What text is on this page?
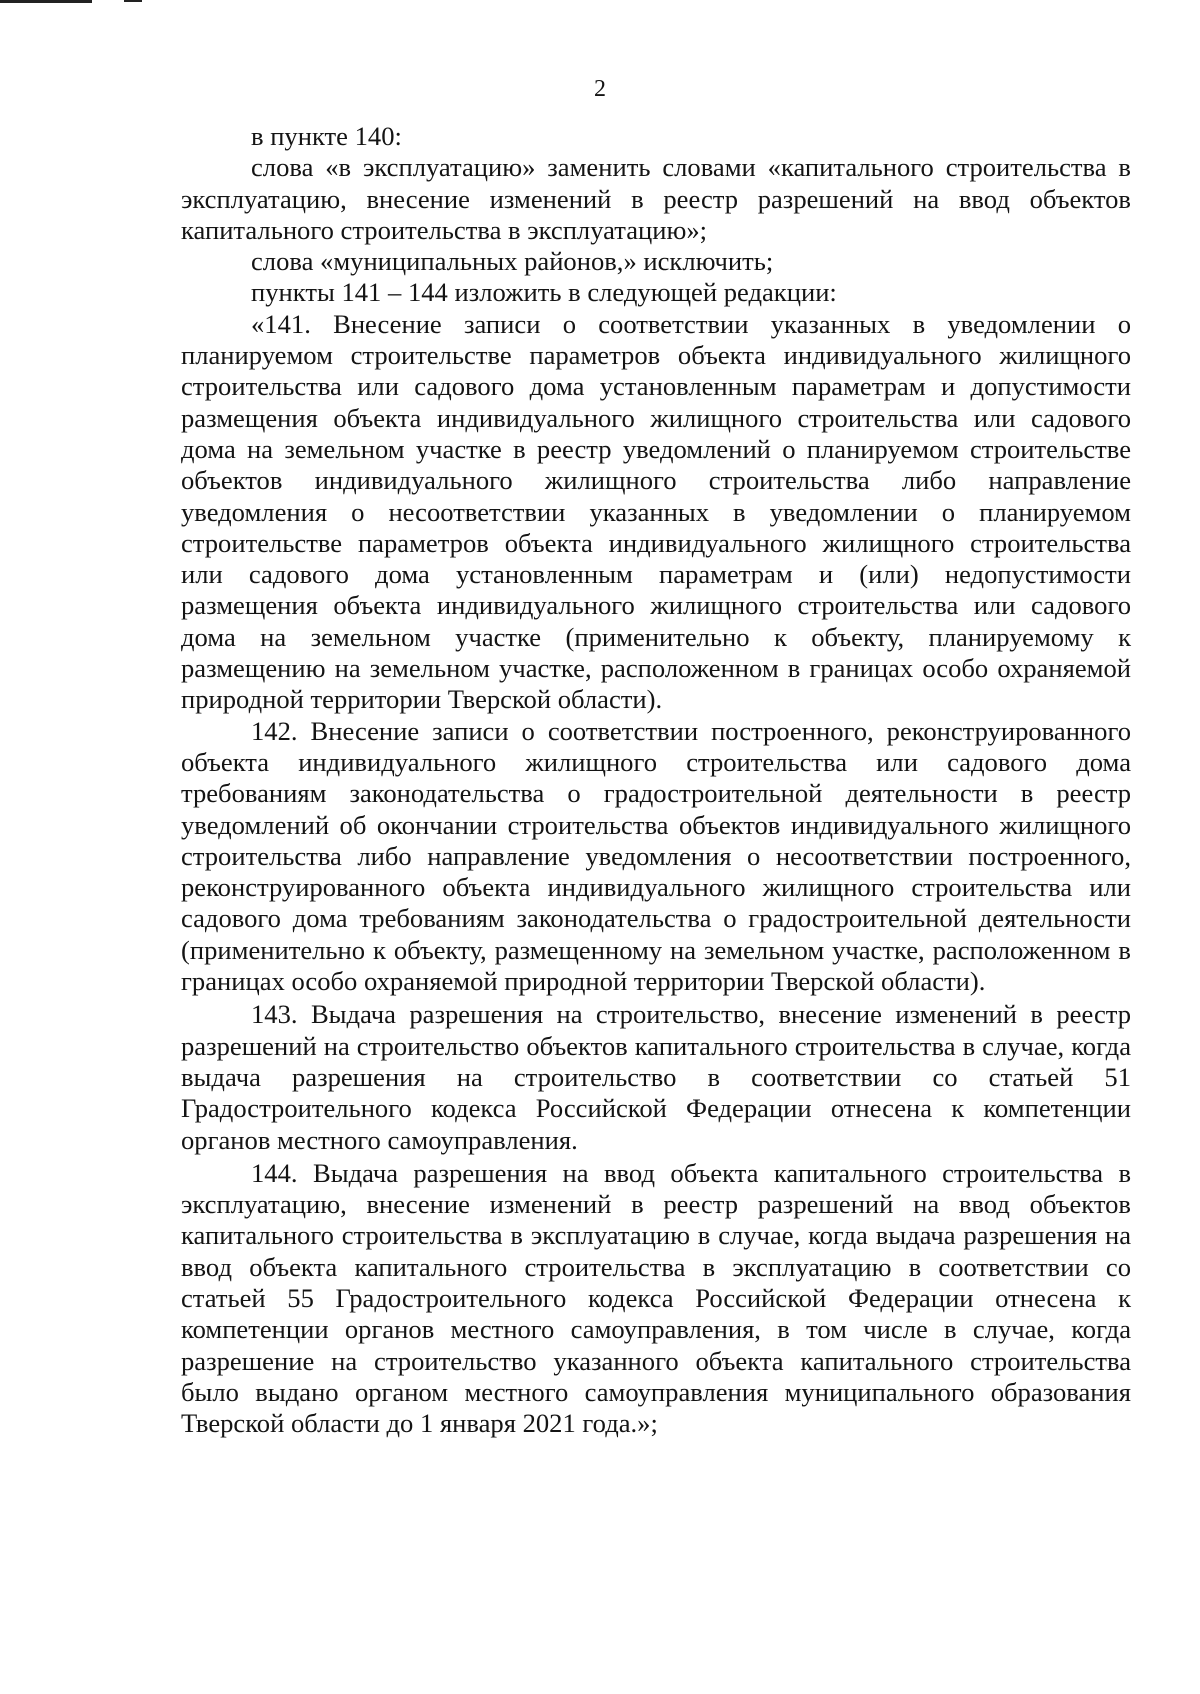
2

в пункте 140:

слова «в эксплуатацию» заменить словами «капитального строительства в эксплуатацию, внесение изменений в реестр разрешений на ввод объектов капитального строительства в эксплуатацию»;

слова «муниципальных районов,» исключить;

пункты 141 – 144 изложить в следующей редакции:

«141. Внесение записи о соответствии указанных в уведомлении о планируемом строительстве параметров объекта индивидуального жилищного строительства или садового дома установленным параметрам и допустимости размещения объекта индивидуального жилищного строительства или садового дома на земельном участке в реестр уведомлений о планируемом строительстве объектов индивидуального жилищного строительства либо направление уведомления о несоответствии указанных в уведомлении о планируемом строительстве параметров объекта индивидуального жилищного строительства или садового дома установленным параметрам и (или) недопустимости размещения объекта индивидуального жилищного строительства или садового дома на земельном участке (применительно к объекту, планируемому к размещению на земельном участке, расположенном в границах особо охраняемой природной территории Тверской области).

142. Внесение записи о соответствии построенного, реконструированного объекта индивидуального жилищного строительства или садового дома требованиям законодательства о градостроительной деятельности в реестр уведомлений об окончании строительства объектов индивидуального жилищного строительства либо направление уведомления о несоответствии построенного, реконструированного объекта индивидуального жилищного строительства или садового дома требованиям законодательства о градостроительной деятельности (применительно к объекту, размещенному на земельном участке, расположенном в границах особо охраняемой природной территории Тверской области).

143. Выдача разрешения на строительство, внесение изменений в реестр разрешений на строительство объектов капитального строительства в случае, когда выдача разрешения на строительство в соответствии со статьей 51 Градостроительного кодекса Российской Федерации отнесена к компетенции органов местного самоуправления.

144. Выдача разрешения на ввод объекта капитального строительства в эксплуатацию, внесение изменений в реестр разрешений на ввод объектов капитального строительства в эксплуатацию в случае, когда выдача разрешения на ввод объекта капитального строительства в эксплуатацию в соответствии со статьей 55 Градостроительного кодекса Российской Федерации отнесена к компетенции органов местного самоуправления, в том числе в случае, когда разрешение на строительство указанного объекта капитального строительства было выдано органом местного самоуправления муниципального образования Тверской области до 1 января 2021 года.»;
